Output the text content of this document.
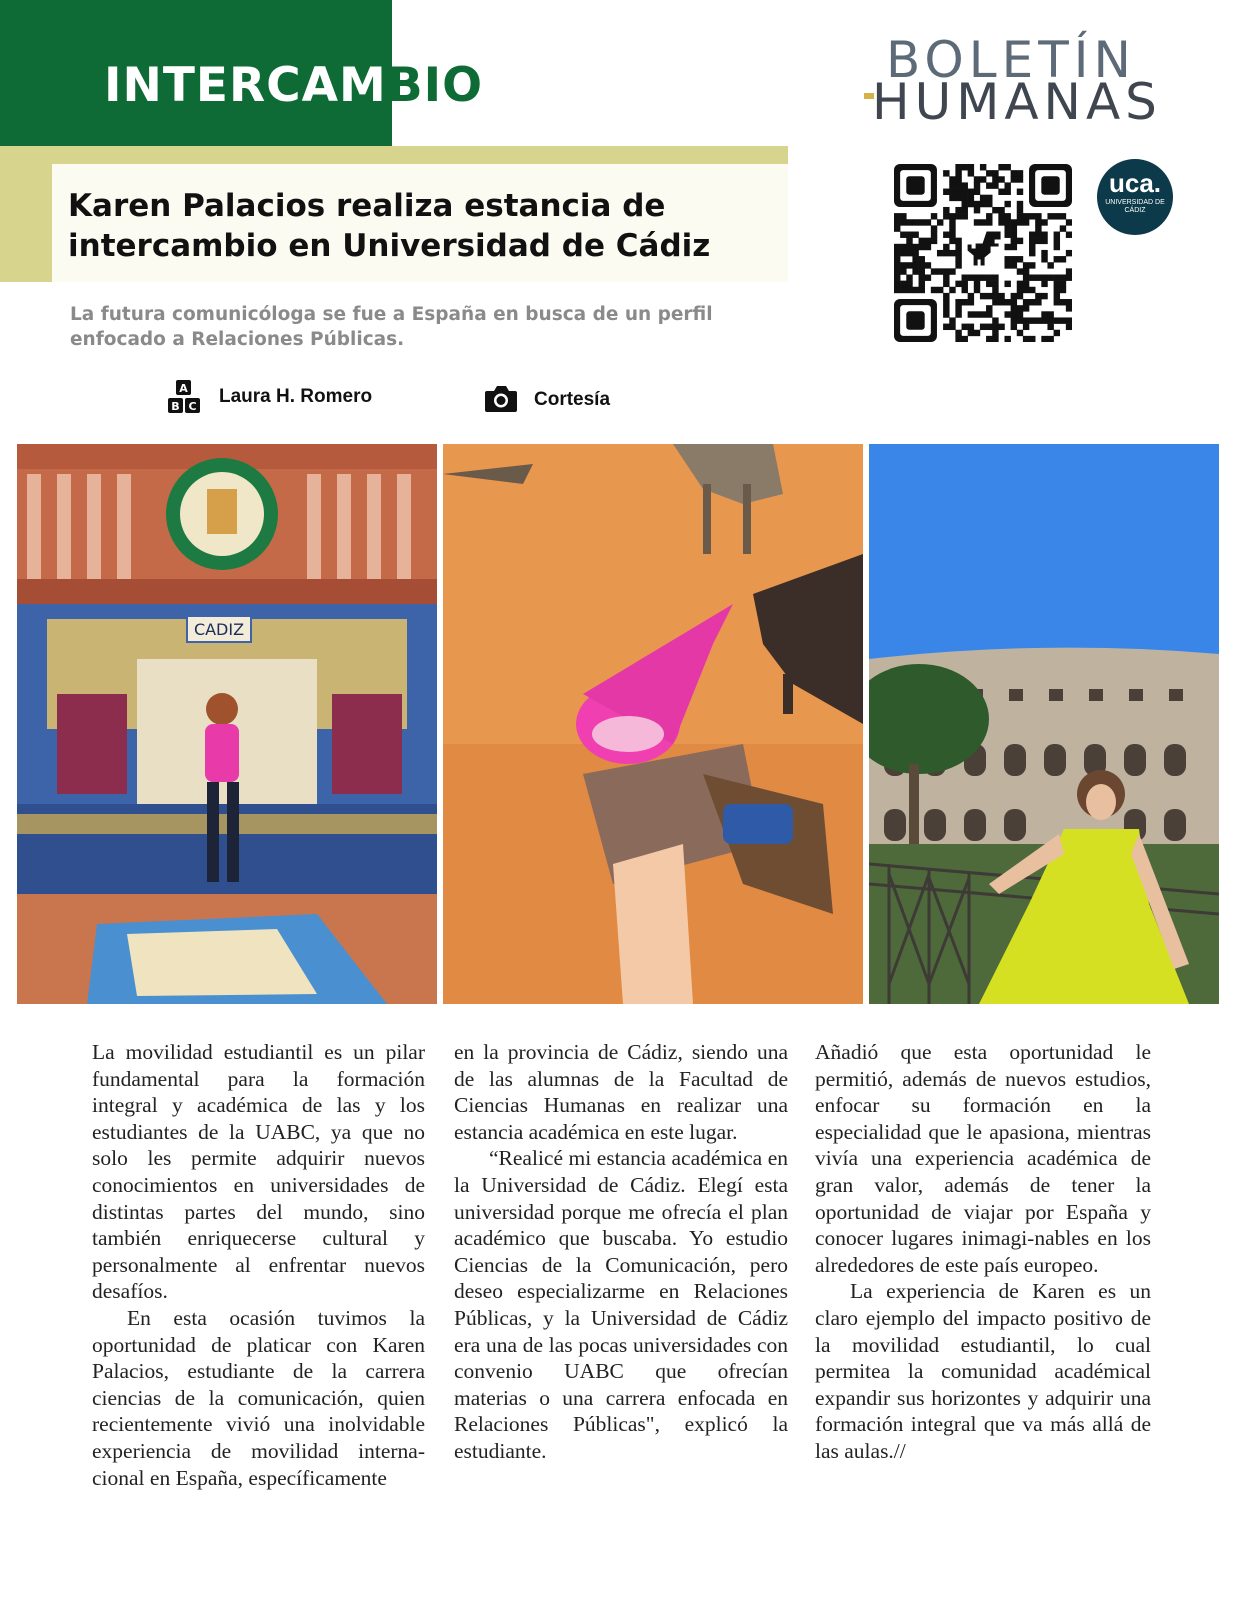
INTERCAMBIO
Karen Palacios realiza estancia de intercambio en Universidad de Cádiz

La futura comunicóloga se fue a España en busca de un perfil enfocado a Relaciones Públicas.

A
B C Laura H. Romero	Cortesía
BOLETÍN
HUMANAS
uca.
UNIVERSIDAD DE CÁDIZ
CADIZ

La movilidad estudiantil es un pilar fundamental para la formación integral y académica de las y los estudiantes de la UABC, ya que no solo les permite adquirir nuevos conocimientos en universidades de distintas partes del mundo, sino también enriquecerse cultural y personalmente al enfrentar nuevos desafíos.

En esta ocasión tuvimos la oportunidad de platicar con Karen Palacios, estudiante de la carrera ciencias de la comunicación, quien recientemente vivió una inolvidable experiencia de movilidad interna-cional en España, específicamente

en la provincia de Cádiz, siendo una de las alumnas de la Facultad de Ciencias Humanas en realizar una estancia académica en este lugar.

“Realicé mi estancia académica en la Universidad de Cádiz. Elegí esta universidad porque me ofrecía el plan académico que buscaba. Yo estudio Ciencias de la Comunicación, pero deseo especializarme en Relaciones Públicas, y la Universidad de Cádiz era una de las pocas universidades con convenio UABC que ofrecían materias o una carrera enfocada en Relaciones Públicas", explicó la estudiante.

Añadió que esta oportunidad le permitió, además de nuevos estudios, enfocar su formación en la especialidad que le apasiona, mientras vivía una experiencia académica de gran valor, además de tener la oportunidad de viajar por España y conocer lugares inimagi-nables en los alrededores de este país europeo.

La experiencia de Karen es un claro ejemplo del impacto positivo de la movilidad estudiantil, lo cual permitea la comunidad académical expandir sus horizontes y adquirir una formación integral que va más allá de las aulas.//
